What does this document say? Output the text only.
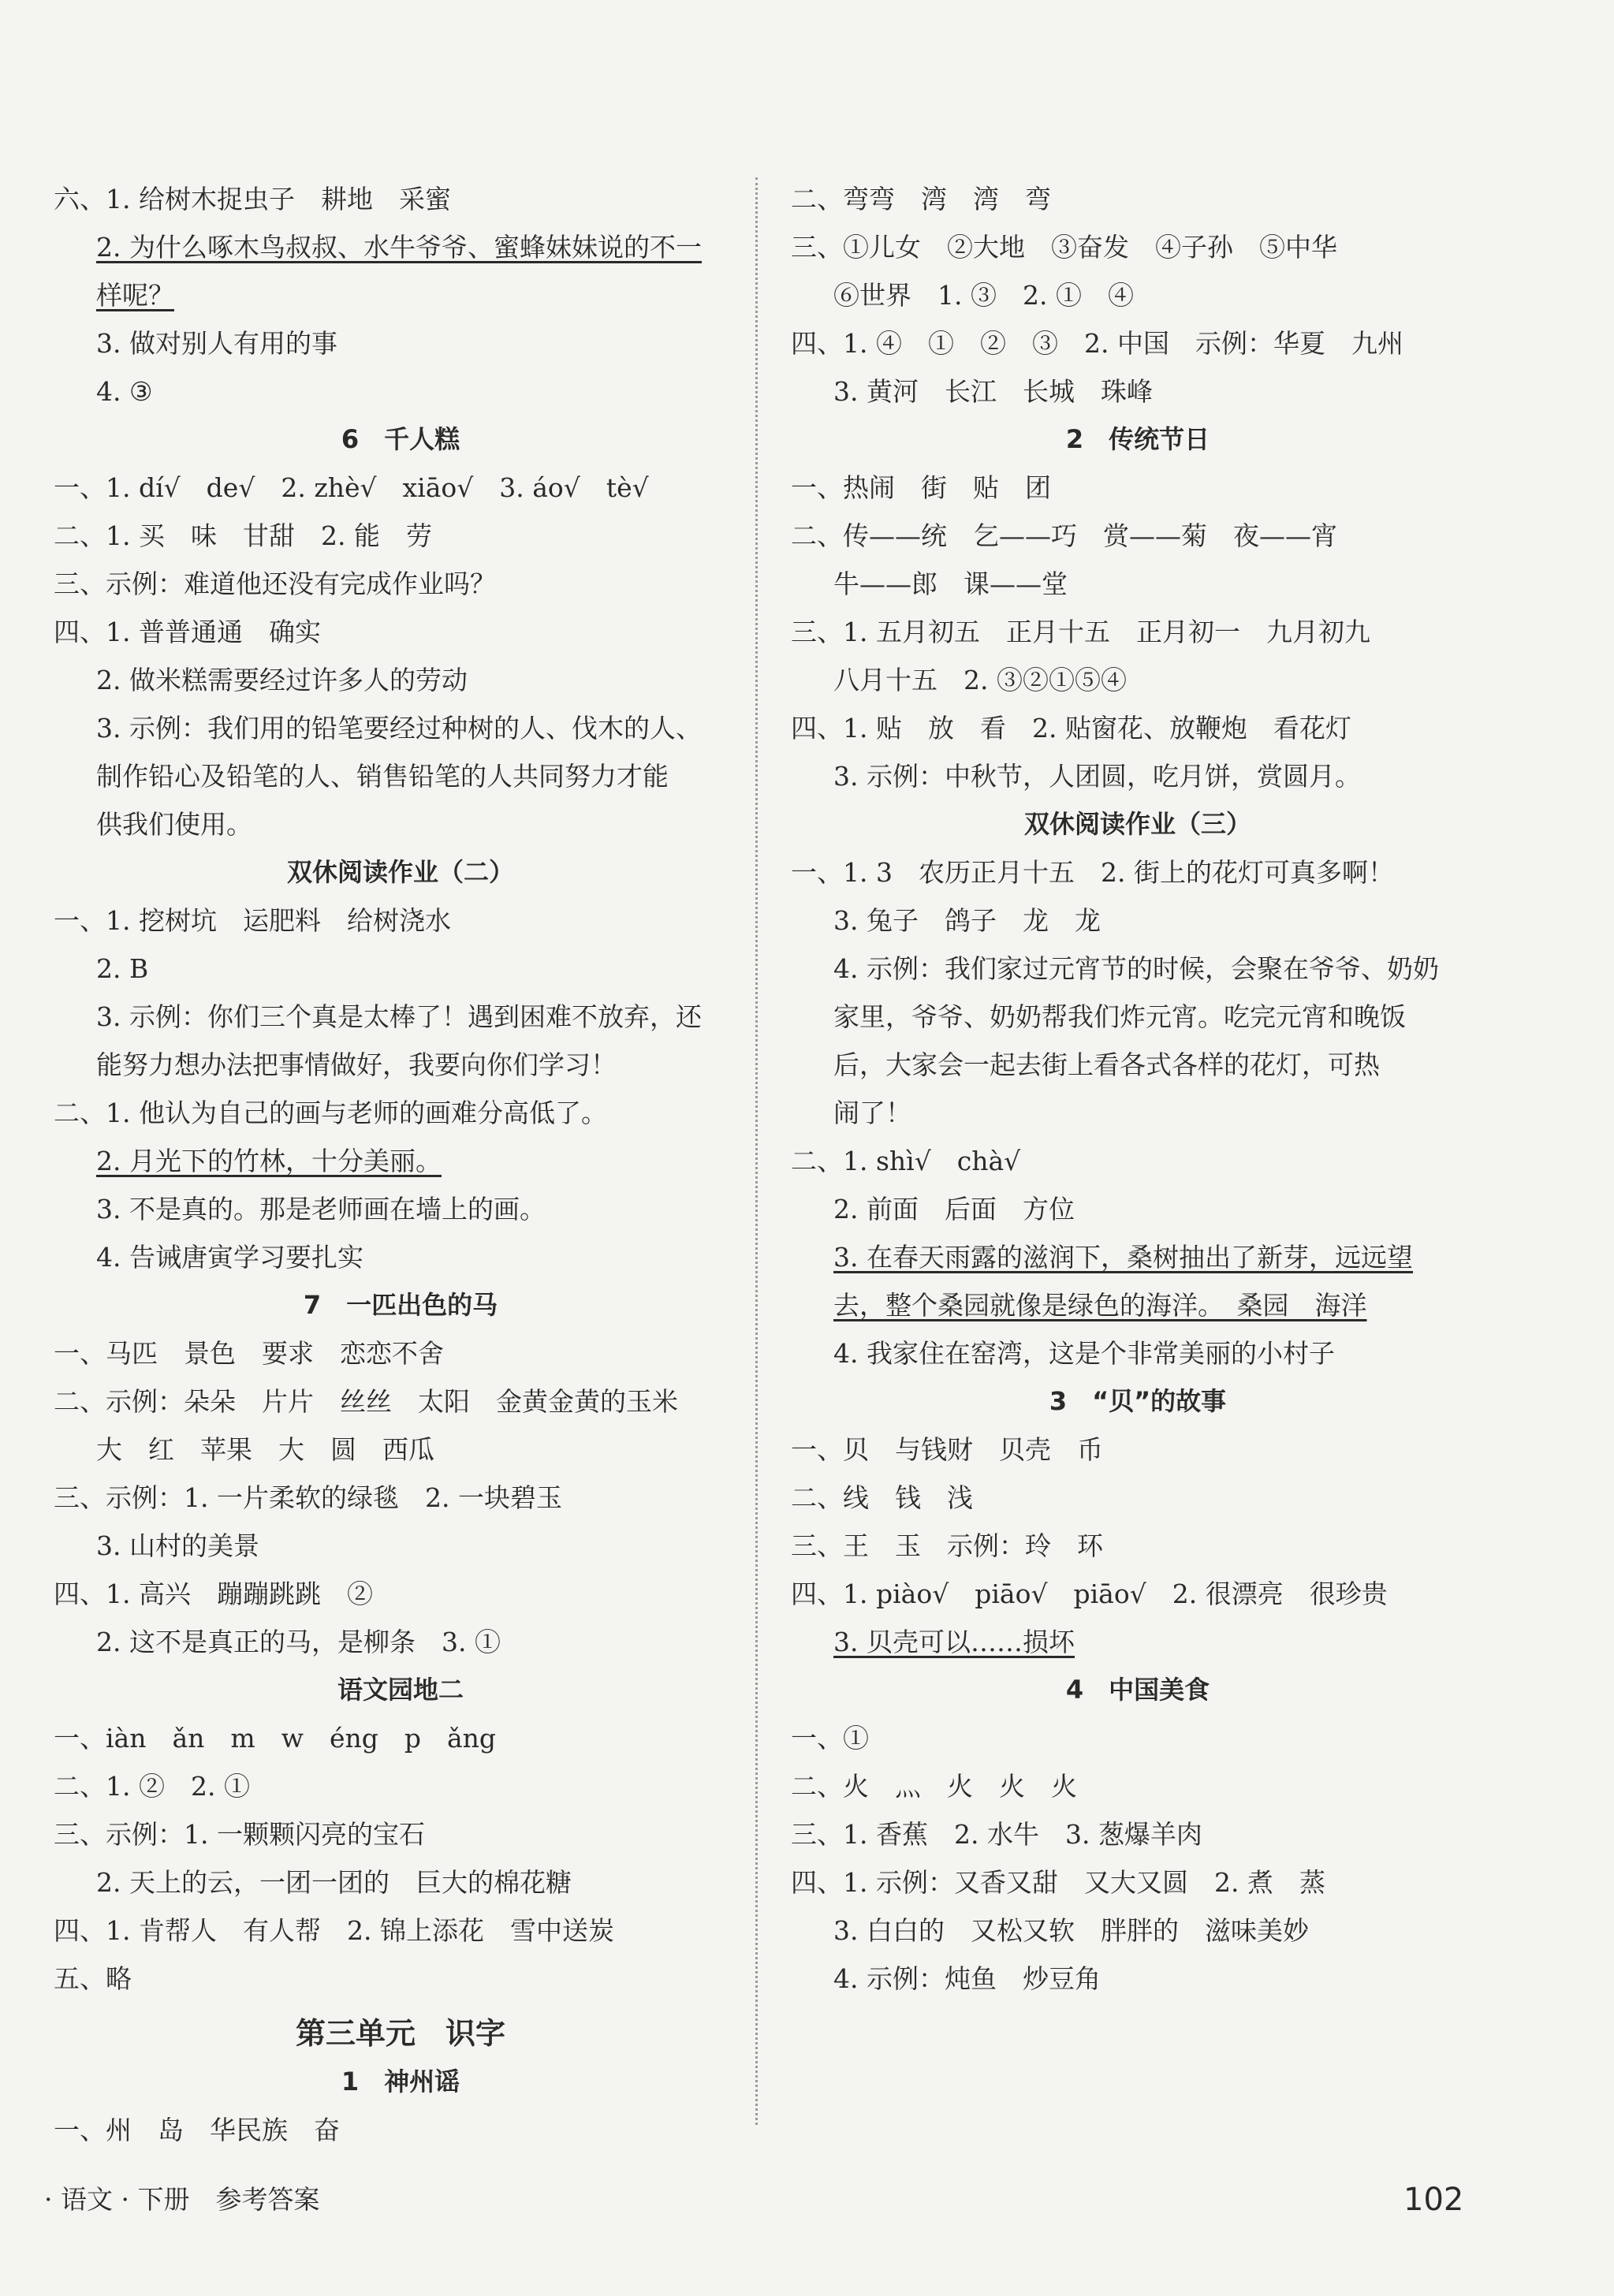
六、1. 给树木捉虫子　耕地　采蜜
2. 为什么啄木鸟叔叔、水牛爷爷、蜜蜂妹妹说的不一
样呢？
3. 做对别人有用的事
4. ③
6　千人糕
一、1. dí√　de√　2. zhè√　xiāo√　3. áo√　tè√
二、1. 买　味　甘甜　2. 能　劳
三、示例：难道他还没有完成作业吗？
四、1. 普普通通　确实
2. 做米糕需要经过许多人的劳动
3. 示例：我们用的铅笔要经过种树的人、伐木的人、
制作铅心及铅笔的人、销售铅笔的人共同努力才能
供我们使用。
双休阅读作业（二）
一、1. 挖树坑　运肥料　给树浇水
2. B
3. 示例：你们三个真是太棒了！遇到困难不放弃，还
能努力想办法把事情做好，我要向你们学习！
二、1. 他认为自己的画与老师的画难分高低了。
2. 月光下的竹林，十分美丽。
3. 不是真的。那是老师画在墙上的画。
4. 告诫唐寅学习要扎实
7　一匹出色的马
一、马匹　景色　要求　恋恋不舍
二、示例：朵朵　片片　丝丝　太阳　金黄金黄的玉米
大　红　苹果　大　圆　西瓜
三、示例：1. 一片柔软的绿毯　2. 一块碧玉
3. 山村的美景
四、1. 高兴　蹦蹦跳跳　②
2. 这不是真正的马，是柳条　3. ①
语文园地二
一、iàn　ǎn　m　w　éng　p　ǎng
二、1. ②　2. ①
三、示例：1. 一颗颗闪亮的宝石
2. 天上的云，一团一团的　巨大的棉花糖
四、1. 肯帮人　有人帮　2. 锦上添花　雪中送炭
五、略
第三单元　识字
1　神州谣
一、州　岛　华民族　奋
二、弯弯　湾　湾　弯
三、①儿女　②大地　③奋发　④子孙　⑤中华
⑥世界　1. ③　2. ①　④
四、1. ④　①　②　③　2. 中国　示例：华夏　九州
3. 黄河　长江　长城　珠峰
2　传统节日
一、热闹　街　贴　团
二、传——统　乞——巧　赏——菊　夜——宵
牛——郎　课——堂
三、1. 五月初五　正月十五　正月初一　九月初九
八月十五　2. ③②①⑤④
四、1. 贴　放　看　2. 贴窗花、放鞭炮　看花灯
3. 示例：中秋节，人团圆，吃月饼，赏圆月。
双休阅读作业（三）
一、1. 3　农历正月十五　2. 街上的花灯可真多啊！
3. 兔子　鸽子　龙　龙
4. 示例：我们家过元宵节的时候，会聚在爷爷、奶奶
家里，爷爷、奶奶帮我们炸元宵。吃完元宵和晚饭
后，大家会一起去街上看各式各样的花灯，可热
闹了！
二、1. shì√　chà√
2. 前面　后面　方位
3. 在春天雨露的滋润下，桑树抽出了新芽，远远望
去，整个桑园就像是绿色的海洋。　桑园　海洋
4. 我家住在窑湾，这是个非常美丽的小村子
3　“贝”的故事
一、贝　与钱财　贝壳　币
二、线　钱　浅
三、王　玉　示例：玲　环
四、1. piào√　piāo√　piāo√　2. 很漂亮　很珍贵
3. 贝壳可以……损坏
4　中国美食
一、①
二、火　灬　火　火　火
三、1. 香蕉　2. 水牛　3. 葱爆羊肉
四、1. 示例：又香又甜　又大又圆　2. 煮　蒸
3. 白白的　又松又软　胖胖的　滋味美妙
4. 示例：炖鱼　炒豆角
· 语文 · 下册　参考答案	102
